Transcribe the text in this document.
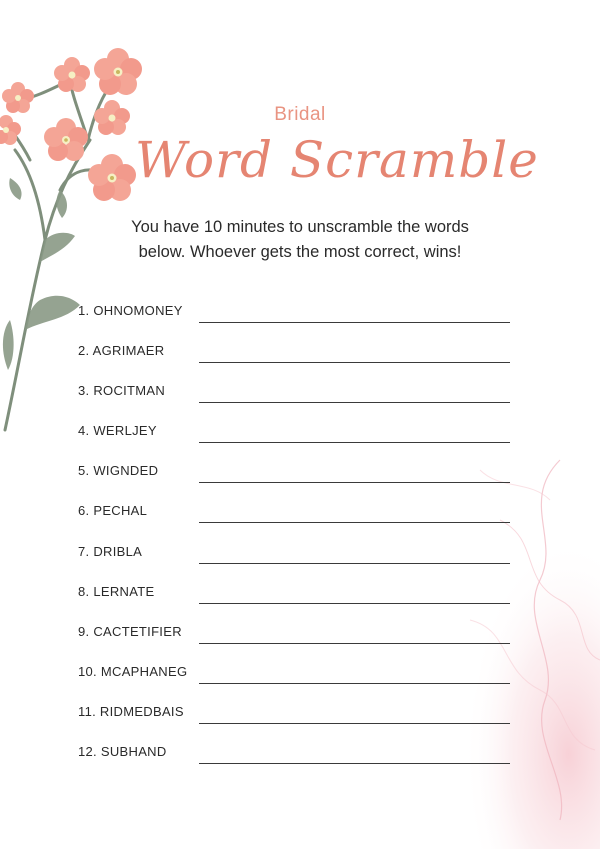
Bridal
Word Scramble
You have 10 minutes to unscramble the words
below. Whoever gets the most correct, wins!
1. OHNOMONEY
2. AGRIMAER
3. ROCITMAN
4. WERLJEY
5. WIGNDED
6. PECHAL
7. DRIBLA
8. LERNATE
9. CACTETIFIER
10. MCAPHANEG
11. RIDMEDBAIS
12. SUBHAND
